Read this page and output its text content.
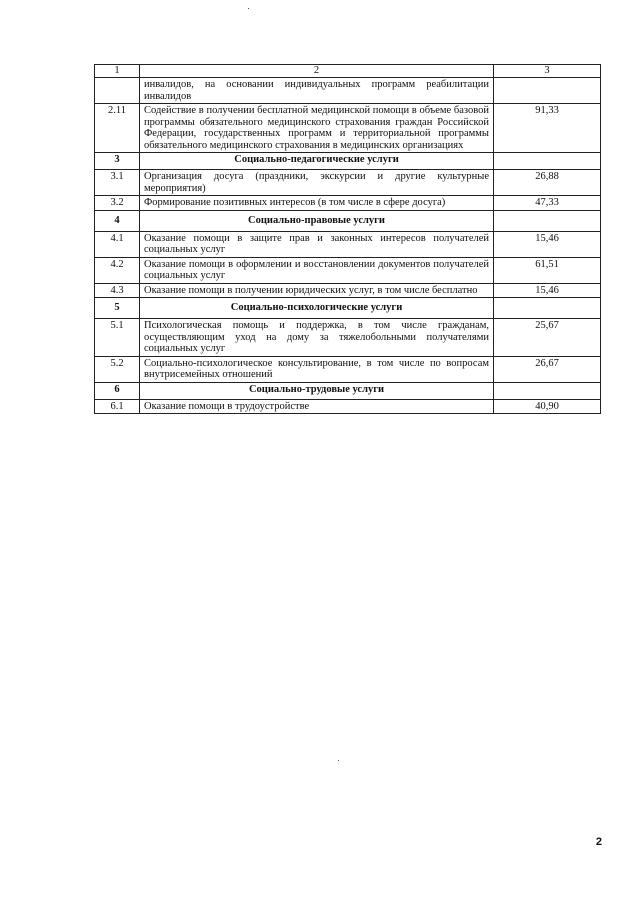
1	2	3
	инвалидов, на основании индивидуальных программ реабилитации инвалидов	
2.11	Содействие в получении бесплатной медицинской помощи в объеме базовой программы обязательного медицинского страхования граждан Российской Федерации, государственных программ и территориальной программы обязательного медицинского страхования в медицинских организациях	91,33
3	Социально-педагогические услуги	
3.1	Организация досуга (праздники, экскурсии и другие культурные мероприятия)	26,88
3.2	Формирование позитивных интересов (в том числе в сфере досуга)	47,33
4	Социально-правовые услуги	
4.1	Оказание помощи в защите прав и законных интересов получателей социальных услуг	15,46
4.2	Оказание помощи в оформлении и восстановлении документов получателей социальных услуг	61,51
4.3	Оказание помощи в получении юридических услуг, в том числе бесплатно	15,46
5	Социально-психологические услуги	
5.1	Психологическая помощь и поддержка, в том числе гражданам, осуществляющим уход на дому за тяжелобольными получателями социальных услуг	25,67
5.2	Социально-психологическое консультирование, в том числе по вопросам внутрисемейных отношений	26,67
6	Социально-трудовые услуги	
6.1	Оказание помощи в трудоустройстве	40,90
2
